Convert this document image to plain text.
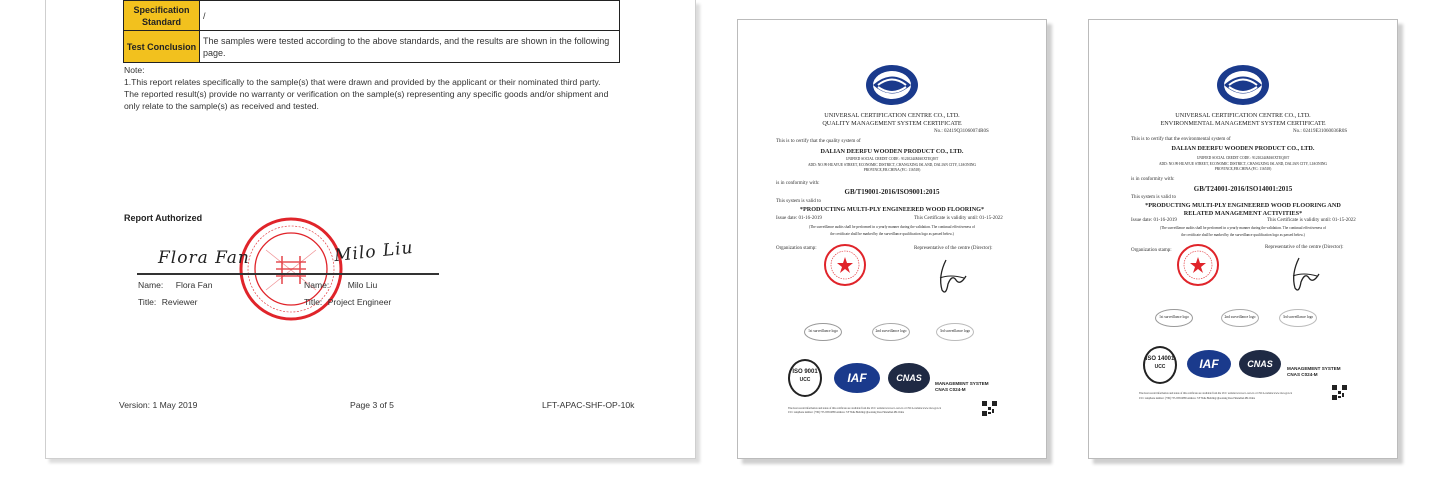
Specification Standard	/
Test Conclusion	The samples were tested according to the above standards, and the results are shown in the following page.
Note:
1.This report relates specifically to the sample(s) that were drawn and provided by the applicant or their nominated third party.
The reported result(s) provide no warranty or verification on the sample(s) representing any specific goods and/or shipment and
only relate to the sample(s) as received and tested.
Report Authorized
Flora Fan	Milo Liu
Name: Flora Fan
Title: Reviewer
Name: Milo Liu
Title: Project Engineer
Version: 1 May 2019	Page 3 of 5	LFT-APAC-SHF-OP-10k
UNIVERSAL CERTIFICATION CENTRE CO., LTD.
QUALITY MANAGEMENT SYSTEM CERTIFICATE
No.: 02419Q31060074R0S
This is to certify that the quality system of
DALIAN DEERFU WOODEN PRODUCT CO., LTD.
UNIFIED SOCIAL CREDIT CODE : 91210244MA0XTEQJ0T
ADD: NO.99 HUAYUE STREET, ECONOMIC DISTRICT, CHANGXING ISLAND, DALIAN CITY, LIAONING
PROVINCE,P.R.CHINA (P.C: 116518)
is in conformity with:
GB/T19001-2016/ISO9001:2015
This system is valid to
*PRODUCTING MULTI-PLY ENGINEERED WOOD FLOORING*
Issue date: 01-16-2019	This Certificate is validity until: 01-15-2022
(The surveillance audits shall be performed in a yearly manner during the validation. The continual effectiveness of
the certificate shall be marked by the surveillance qualification logo as passed below.)
Organization stamp:	Representative of the centre (Director):
1st surveillance logo	2nd surveillance logo	3rd surveillance logo
ISO 9001
UCC	IAF	CNAS
MANAGEMENT SYSTEM
CNAS C024-M
The most recent information and status of this certificate are available from the UCC website:www.ucc-cert.cn or CNCA website:www.cnca.gov.cn
UCC telephone number: (+86) 755-83516888 Address: 5/F Yuhe Building Qiaoxiang Road Shenzhen PR.China
UNIVERSAL CERTIFICATION CENTRE CO., LTD.
ENVIRONMENTAL MANAGEMENT SYSTEM CERTIFICATE
No.: 02419E31060036R0S
This is to certify that the environmental system of
DALIAN DEERFU WOODEN PRODUCT CO., LTD.
UNIFIED SOCIAL CREDIT CODE : 91210244MA0XTEQJ0T
ADD: NO.99 HUAYUE STREET, ECONOMIC DISTRICT, CHANGXING ISLAND, DALIAN CITY, LIAONING
PROVINCE,P.R.CHINA (P.C: 116518)
is in conformity with:
GB/T24001-2016/ISO14001:2015
This system is valid to
*PRODUCTING MULTI-PLY ENGINEERED WOOD FLOORING AND
RELATED MANAGEMENT ACTIVITIES*
Issue date: 01-16-2019	This Certificate is validity until: 01-15-2022
(The surveillance audits shall be performed in a yearly manner during the validation. The continual effectiveness of
the certificate shall be marked by the surveillance qualification logo as passed below.)
Organization stamp:
Representative of the centre (Director):
1st surveillance logo	2nd surveillance logo	3rd surveillance logo
ISO 14001
UCC	IAF	CNAS	MANAGEMENT SYSTEM
CNAS C024-M
The most recent information and status of this certificate are available from the UCC website:www.ucc-cert.cn or CNCA website:www.cnca.gov.cn
UCC telephone number: (+86) 755-83516888 Address: 5/F Yuhe Building Qiaoxiang Road Shenzhen PR.China
